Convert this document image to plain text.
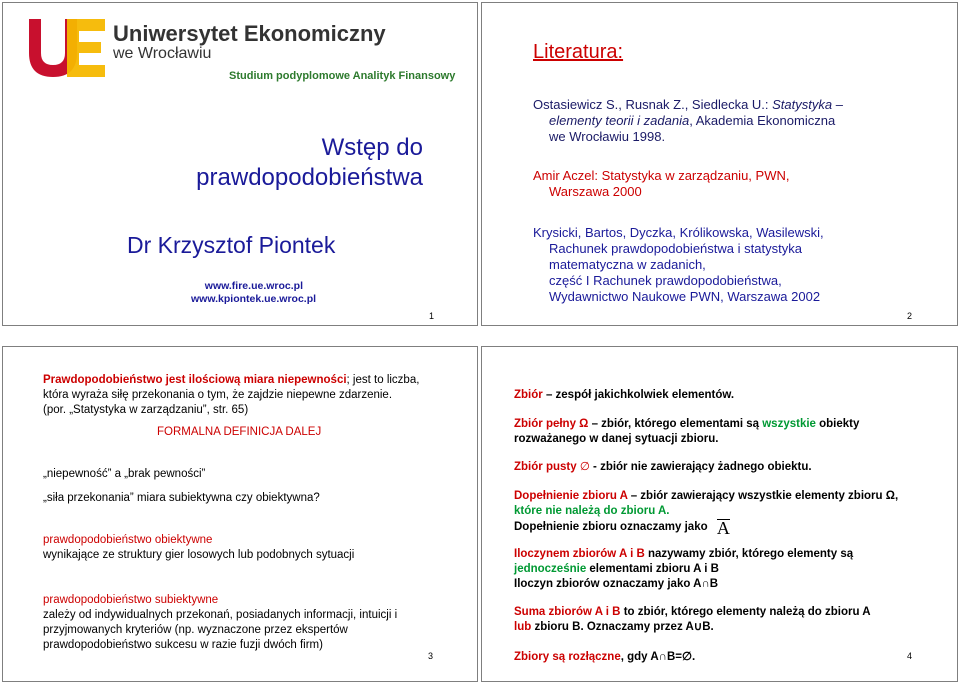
Uniwersytet Ekonomiczny
we Wrocławiu
Studium podyplomowe Analityk Finansowy
Wstęp do
prawdopodobieństwa
Dr Krzysztof Piontek
www.fire.ue.wroc.pl
www.kpiontek.ue.wroc.pl
1
Literatura:
Ostasiewicz S., Rusnak Z., Siedlecka U.: Statystyka –
elementy teorii i zadania, Akademia Ekonomiczna
we Wrocławiu 1998.
Amir Aczel: Statystyka w zarządzaniu, PWN,
Warszawa 2000
Krysicki, Bartos, Dyczka, Królikowska, Wasilewski,
Rachunek prawdopodobieństwa i statystyka
matematyczna w zadanich,
część I Rachunek prawdopodobieństwa,
Wydawnictwo Naukowe PWN, Warszawa 2002
2
Prawdopodobieństwo jest ilościową miara niepewności; jest to liczba,
która wyraża siłę przekonania o tym, że zajdzie niepewne zdarzenie.
(por. „Statystyka w zarządzaniu”, str. 65)
FORMALNA DEFINICJA DALEJ
„niepewność” a „brak pewności”
„siła przekonania” miara subiektywna czy obiektywna?
prawdopodobieństwo obiektywne
wynikające ze struktury gier losowych lub podobnych sytuacji
prawdopodobieństwo subiektywne
zależy od indywidualnych przekonań, posiadanych informacji, intuicji i
przyjmowanych kryteriów (np. wyznaczone przez ekspertów
prawdopodobieństwo sukcesu w razie fuzji dwóch firm)
3
Zbiór – zespół jakichkolwiek elementów.
Zbiór pełny Ω – zbiór, którego elementami są wszystkie obiekty
rozważanego w danej sytuacji zbioru.
Zbiór pusty ∅ - zbiór nie zawierający żadnego obiektu.
Dopełnienie zbioru A – zbiór zawierający wszystkie elementy zbioru Ω,
które nie należą do zbioru A.
Dopełnienie zbioru oznaczamy jako A
Iloczynem zbiorów A i B nazywamy zbiór, którego elementy są
jednocześnie elementami zbioru A i B
Iloczyn zbiorów oznaczamy jako A∩B
Suma zbiorów A i B to zbiór, którego elementy należą do zbioru A
lub zbioru B. Oznaczamy przez A∪B.
Zbiory są rozłączne, gdy A∩B=∅.	4
